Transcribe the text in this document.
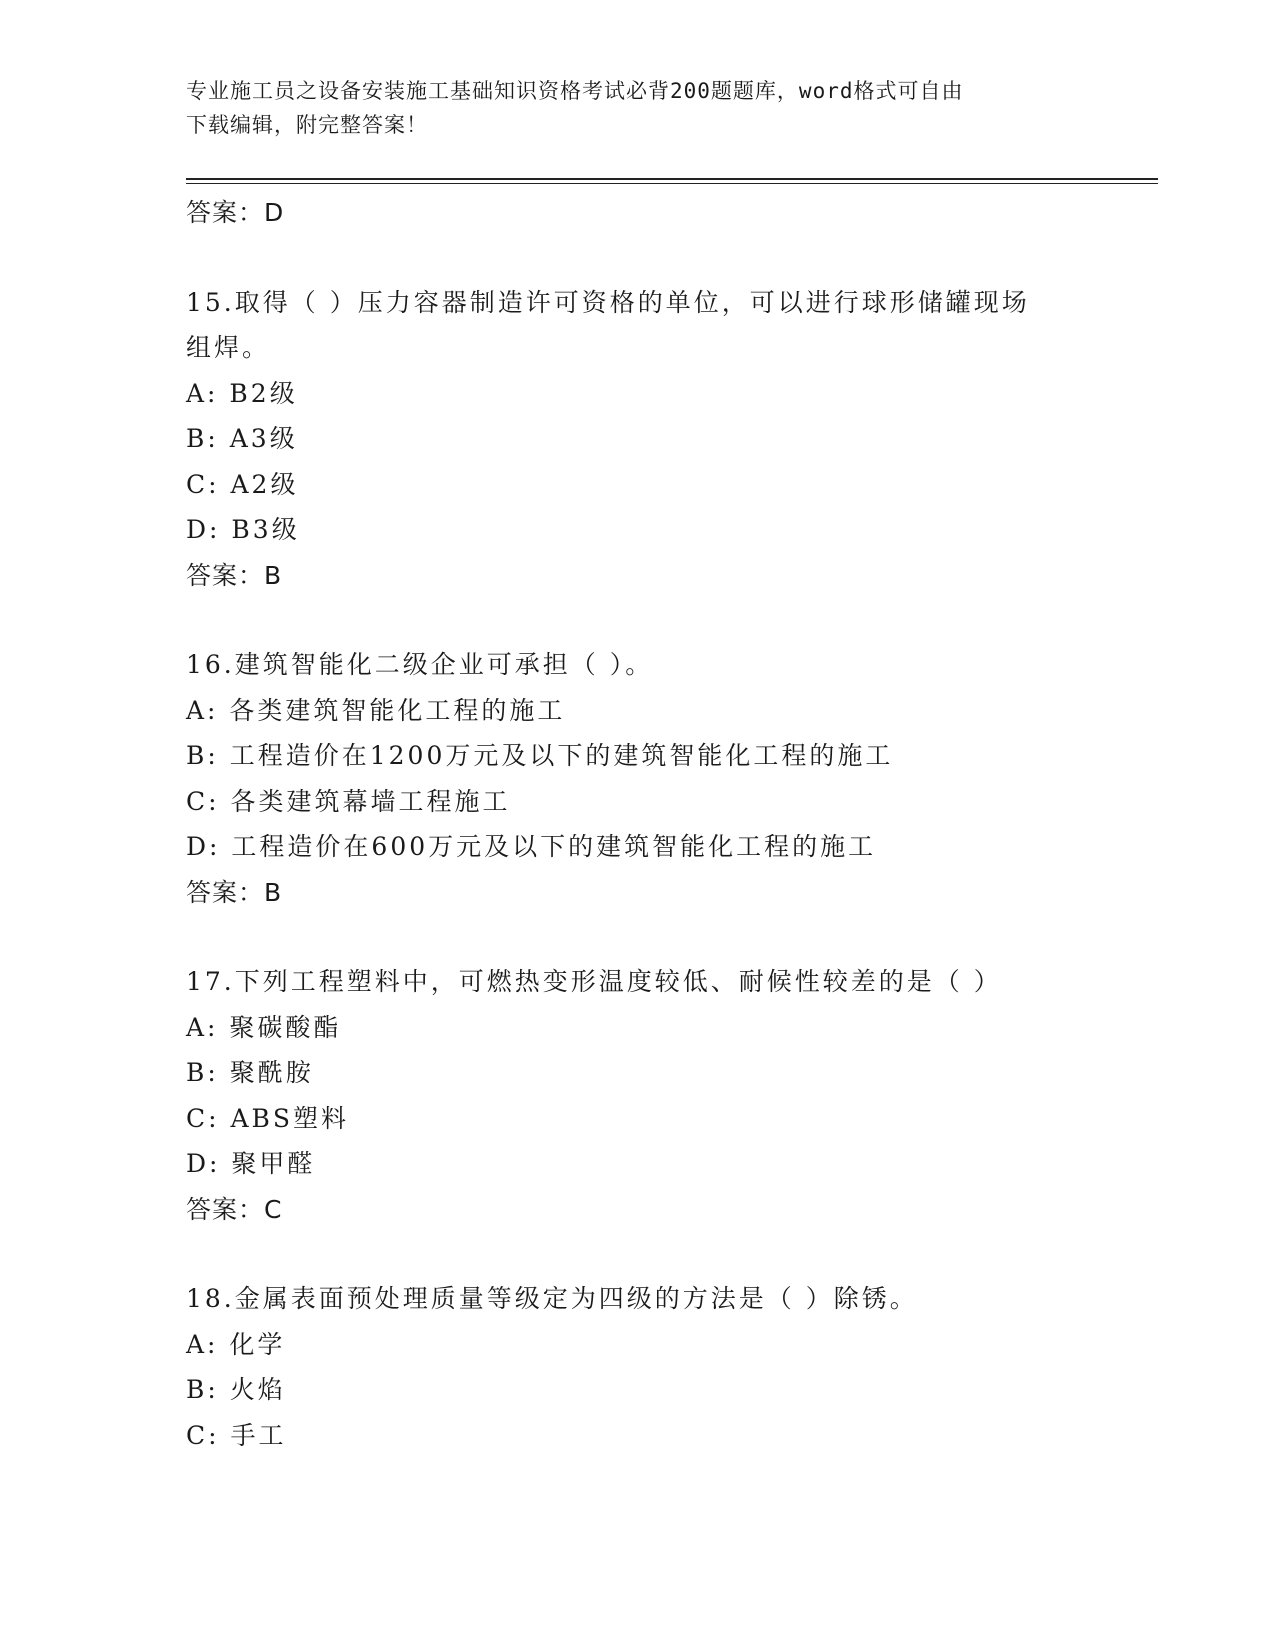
专业施工员之设备安装施工基础知识资格考试必背200题题库，word格式可自由
下载编辑，附完整答案！
答案：D
15.取得（ ）压力容器制造许可资格的单位，可以进行球形储罐现场
组焊。
A: B2级
B: A3级
C: A2级
D: B3级
答案：B
16.建筑智能化二级企业可承担（ ）。
A: 各类建筑智能化工程的施工
B: 工程造价在1200万元及以下的建筑智能化工程的施工
C: 各类建筑幕墙工程施工
D: 工程造价在600万元及以下的建筑智能化工程的施工
答案：B
17.下列工程塑料中，可燃热变形温度较低、耐候性较差的是（ ）
A: 聚碳酸酯
B: 聚酰胺
C: ABS塑料
D: 聚甲醛
答案：C
18.金属表面预处理质量等级定为四级的方法是（ ）除锈。
A: 化学
B: 火焰
C: 手工
